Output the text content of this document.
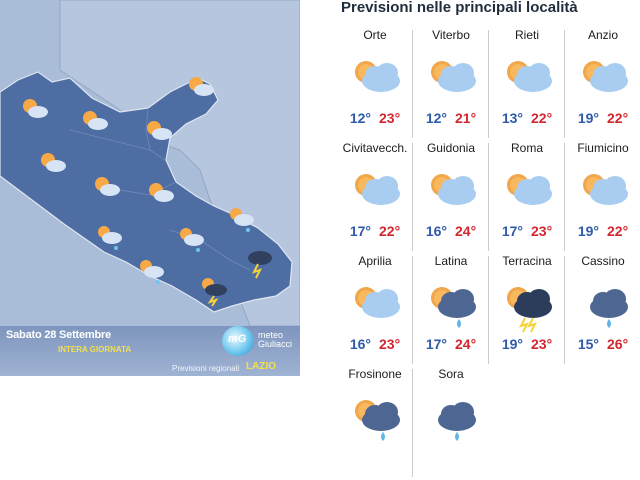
Sabato 28 Settembre
INTERA GIORNATA
mG meteo
Giuliacci
Previsioni regionali LAZIO
Previsioni nelle principali località
Orte
12° 23°
Viterbo
12° 21°
Rieti
13° 22°
Anzio
19° 22°
Civitavecch.
17° 22°
Guidonia
16° 24°
Roma
17° 23°
Fiumicino
19° 22°
Aprilia
16° 23°
Latina
17° 24°
Terracina
19° 23°
Cassino
15° 26°
Frosinone	Sora
